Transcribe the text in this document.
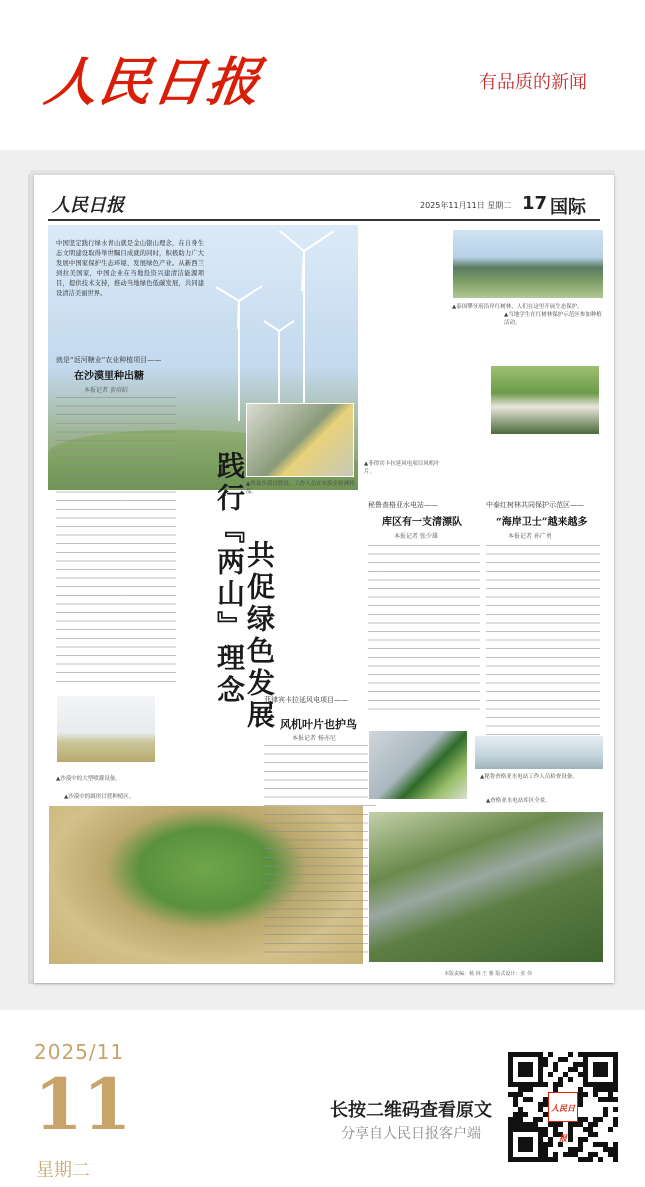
人民日报	有品质的新闻
人民日报	2025年11月11日 星期二 17 国际
中国坚定践行绿水青山就是金山银山理念，在自身生态文明建设取得举世瞩目成就的同时，积极助力广大发展中国家保护生态环境、发展绿色产业。从新西兰到拉美国家，中国企业在当地投资兴建清洁能源项目，提供技术支持，推动当地绿色低碳发展，共同建设清洁美丽世界。
就是“返河糖业”农业种植项目——
在沙漠里种出糖
本报记者 黄培昭
▲埃及沙漠甘蔗田，工作人员在实验室检测样品。
践行『两山』理念
共促绿色发展
▲沙漠中的大型喷灌设备。
▲沙漠中的圆形甘蔗种植区。
菲律宾卡拉延风电项目——
风机叶片也护鸟
本报记者 杨亦尼
▲菲律宾卡拉延风电项目风机叶片。
▲泰国攀牙府沿岸红树林，人们在这里开展生态保护。
▲当地学生在红树林保护示范区参加种植活动。
秘鲁查格亚水电站——
库区有一支清漂队
本报记者 张少雄
中泰红树林共同保护示范区——
“海岸卫士”越来越多
本报记者 孙广勇
▲秘鲁查格亚水电站工作人员检查设备。
▲查格亚水电站库区全景。
本版责编：杨 林 王 雅 版式设计：张 伟
2025/11
11
星期二
长按二维码查看原文
分享自人民日报客户端
人民日报
